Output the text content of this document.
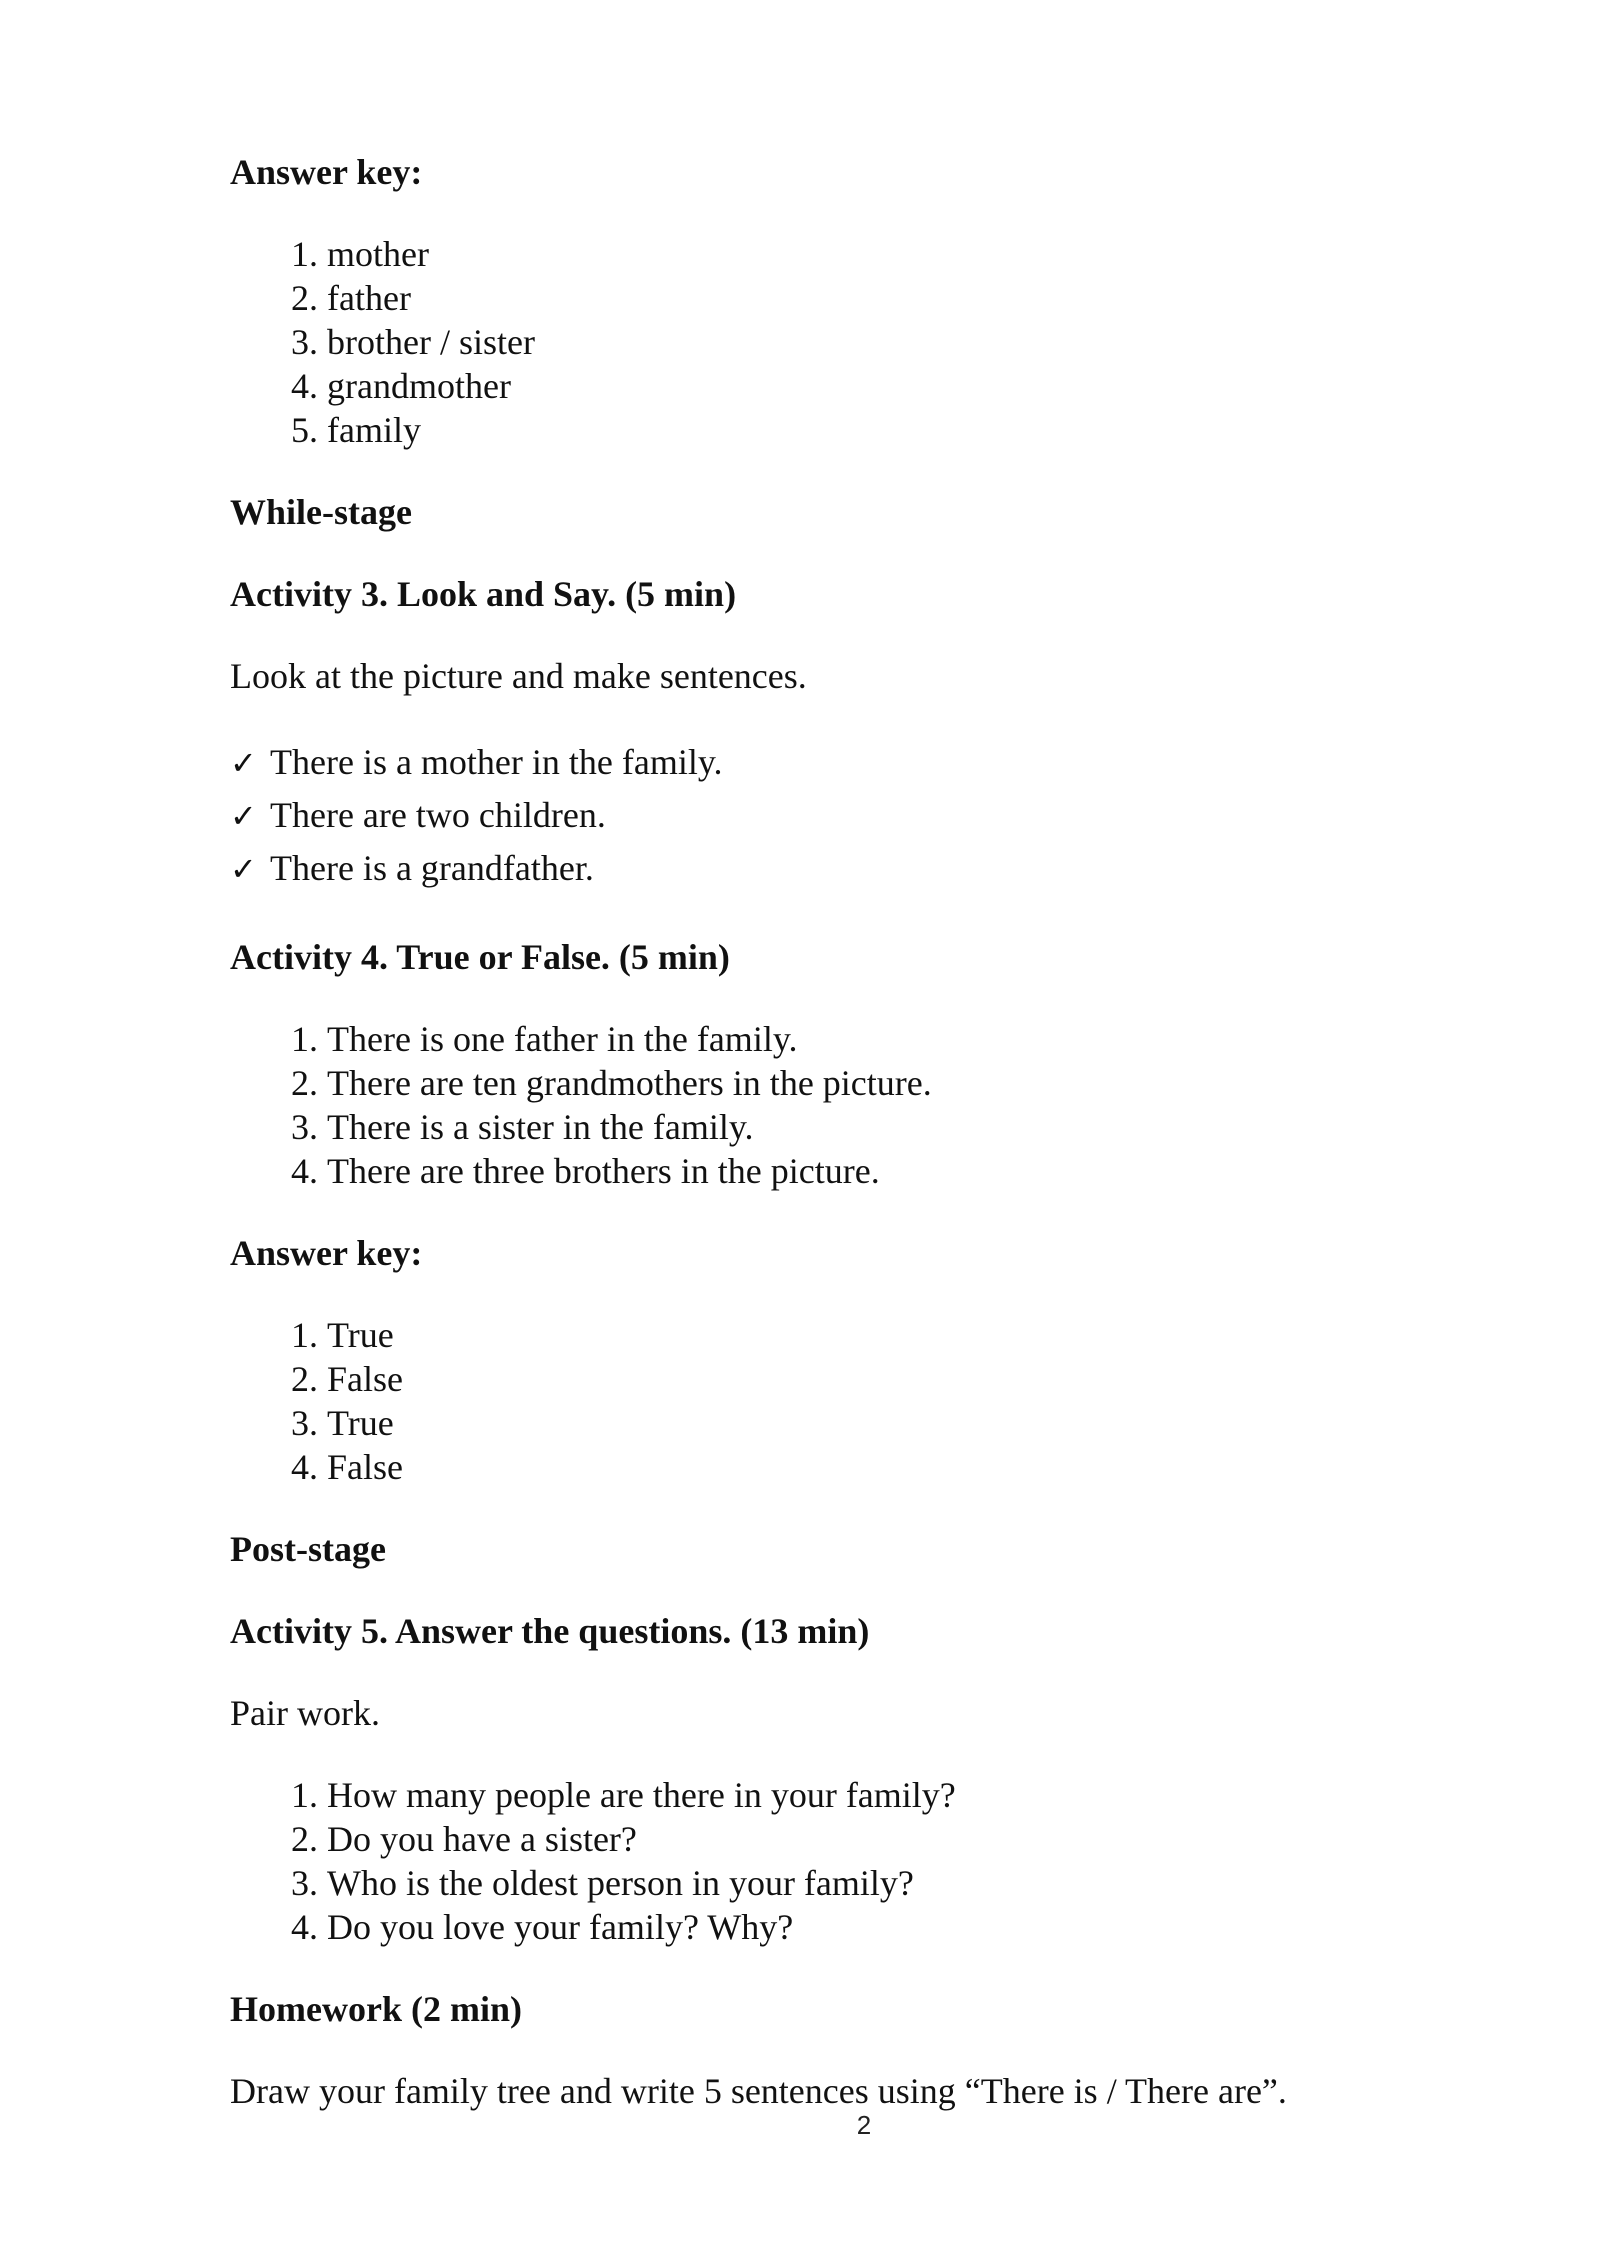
Answer key:
1. mother
2. father
3. brother / sister
4. grandmother
5. family
While-stage
Activity 3. Look and Say. (5 min)
Look at the picture and make sentences.
✓ There is a mother in the family.
✓ There are two children.
✓ There is a grandfather.
Activity 4. True or False. (5 min)
1. There is one father in the family.
2. There are ten grandmothers in the picture.
3. There is a sister in the family.
4. There are three brothers in the picture.
Answer key:
1. True
2. False
3. True
4. False
Post-stage
Activity 5. Answer the questions. (13 min)
Pair work.
1. How many people are there in your family?
2. Do you have a sister?
3. Who is the oldest person in your family?
4. Do you love your family? Why?
Homework (2 min)
Draw your family tree and write 5 sentences using “There is / There are”.
2
